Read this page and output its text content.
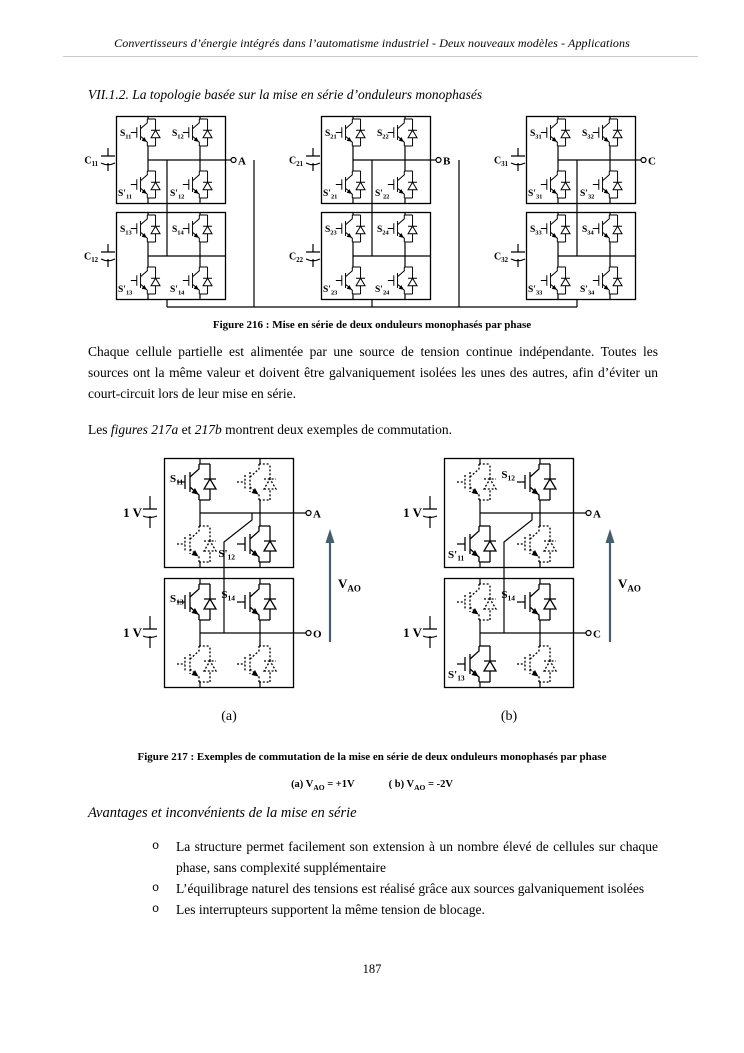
Convertisseurs d’énergie intégrés dans l’automatisme industriel - Deux nouveaux modèles - Applications
VII.1.2. La topologie basée sur la mise en série d’onduleurs monophasés
$S_{11}$	$S_{12}$
$S'_{11}$	$S'_{12}$
$C_{11}$
$S_{13}$	$S_{14}$
$S'_{13}$	$S'_{14}$
$C_{12}$
A
$S_{21}$	$S_{22}$
$S'_{21}$	$S'_{22}$
$C_{21}$
$S_{23}$	$S_{24}$
$S'_{23}$	$S'_{24}$
$C_{22}$
B
$S_{31}$	$S_{32}$
$S'_{31}$	$S'_{32}$
$C_{31}$
$S_{33}$	$S_{34}$
$S'_{33}$	$S'_{34}$
$C_{32}$
C
Figure 216 : Mise en série de deux onduleurs monophasés par phase

Chaque cellule partielle est alimentée par une source de tension continue indépendante. Toutes les sources ont la même valeur et doivent être galvaniquement isolées les unes des autres, afin d’éviter un court-circuit lors de leur mise en série.

Les figures 217a et 217b montrent deux exemples de commutation.

$S_{11}$
$S'_{12}$
$S_{13}$
$S_{14}$
1 V
1 V
A
O
$V_{AO}$
(a)
$S_{12}$
$S'_{11}$
$S_{14}$
$S'_{13}$
1 V
1 V
A
C
$V_{AO}$
(b)
Figure 217 : Exemples de commutation de la mise en série de deux onduleurs monophasés par phase
(a) $V_{AO} = +1V$	( b) $V_{AO} = -2V$
Avantages et inconvénients de la mise en série
o	La structure permet facilement son extension à un nombre élevé de cellules sur chaque phase, sans complexité supplémentaire
o	L’équilibrage naturel des tensions est réalisé grâce aux sources galvaniquement isolées
o	Les interrupteurs supportent la même tension de blocage.
187
